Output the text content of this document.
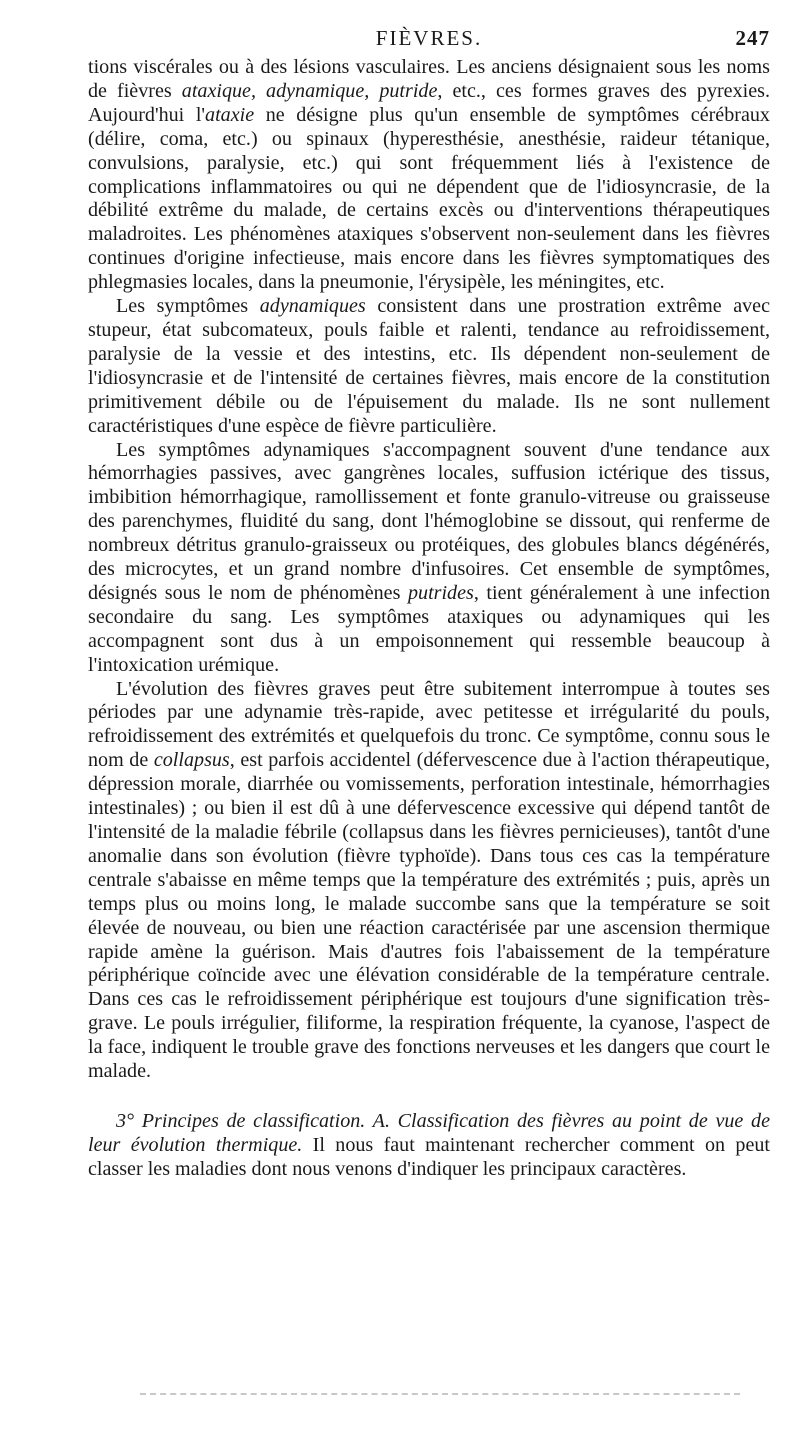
FIÈVRES.	247

tions viscérales ou à des lésions vasculaires. Les anciens désignaient sous les noms de fièvres ataxique, adynamique, putride, etc., ces formes graves des pyrexies. Aujourd'hui l'ataxie ne désigne plus qu'un ensemble de symptômes cérébraux (délire, coma, etc.) ou spinaux (hyperesthésie, anesthésie, raideur tétanique, convulsions, paralysie, etc.) qui sont fréquemment liés à l'existence de complications inflammatoires ou qui ne dépendent que de l'idiosyncrasie, de la débilité extrême du malade, de certains excès ou d'interventions thérapeutiques maladroites. Les phénomènes ataxiques s'observent non-seulement dans les fièvres continues d'origine infectieuse, mais encore dans les fièvres symptomatiques des phlegmasies locales, dans la pneumonie, l'érysipèle, les méningites, etc.

Les symptômes adynamiques consistent dans une prostration extrême avec stupeur, état subcomateux, pouls faible et ralenti, tendance au refroidissement, paralysie de la vessie et des intestins, etc. Ils dépendent non-seulement de l'idiosyncrasie et de l'intensité de certaines fièvres, mais encore de la constitution primitivement débile ou de l'épuisement du malade. Ils ne sont nullement caractéristiques d'une espèce de fièvre particulière.

Les symptômes adynamiques s'accompagnent souvent d'une tendance aux hémorrhagies passives, avec gangrènes locales, suffusion ictérique des tissus, imbibition hémorrhagique, ramollissement et fonte granulo-vitreuse ou graisseuse des parenchymes, fluidité du sang, dont l'hémoglobine se dissout, qui renferme de nombreux détritus granulo-graisseux ou protéiques, des globules blancs dégénérés, des microcytes, et un grand nombre d'infusoires. Cet ensemble de symptômes, désignés sous le nom de phénomènes putrides, tient généralement à une infection secondaire du sang. Les symptômes ataxiques ou adynamiques qui les accompagnent sont dus à un empoisonnement qui ressemble beaucoup à l'intoxication urémique.

L'évolution des fièvres graves peut être subitement interrompue à toutes ses périodes par une adynamie très-rapide, avec petitesse et irrégularité du pouls, refroidissement des extrémités et quelquefois du tronc. Ce symptôme, connu sous le nom de collapsus, est parfois accidentel (défervescence due à l'action thérapeutique, dépression morale, diarrhée ou vomissements, perforation intestinale, hémorrhagies intestinales) ; ou bien il est dû à une défervescence excessive qui dépend tantôt de l'intensité de la maladie fébrile (collapsus dans les fièvres pernicieuses), tantôt d'une anomalie dans son évolution (fièvre typhoïde). Dans tous ces cas la température centrale s'abaisse en même temps que la température des extrémités ; puis, après un temps plus ou moins long, le malade succombe sans que la température se soit élevée de nouveau, ou bien une réaction caractérisée par une ascension thermique rapide amène la guérison. Mais d'autres fois l'abaissement de la température périphérique coïncide avec une élévation considérable de la température centrale. Dans ces cas le refroidissement périphérique est toujours d'une signification très-grave. Le pouls irrégulier, filiforme, la respiration fréquente, la cyanose, l'aspect de la face, indiquent le trouble grave des fonctions nerveuses et les dangers que court le malade.

3° Principes de classification. A. Classification des fièvres au point de vue de leur évolution thermique. Il nous faut maintenant rechercher comment on peut classer les maladies dont nous venons d'indiquer les principaux caractères.
